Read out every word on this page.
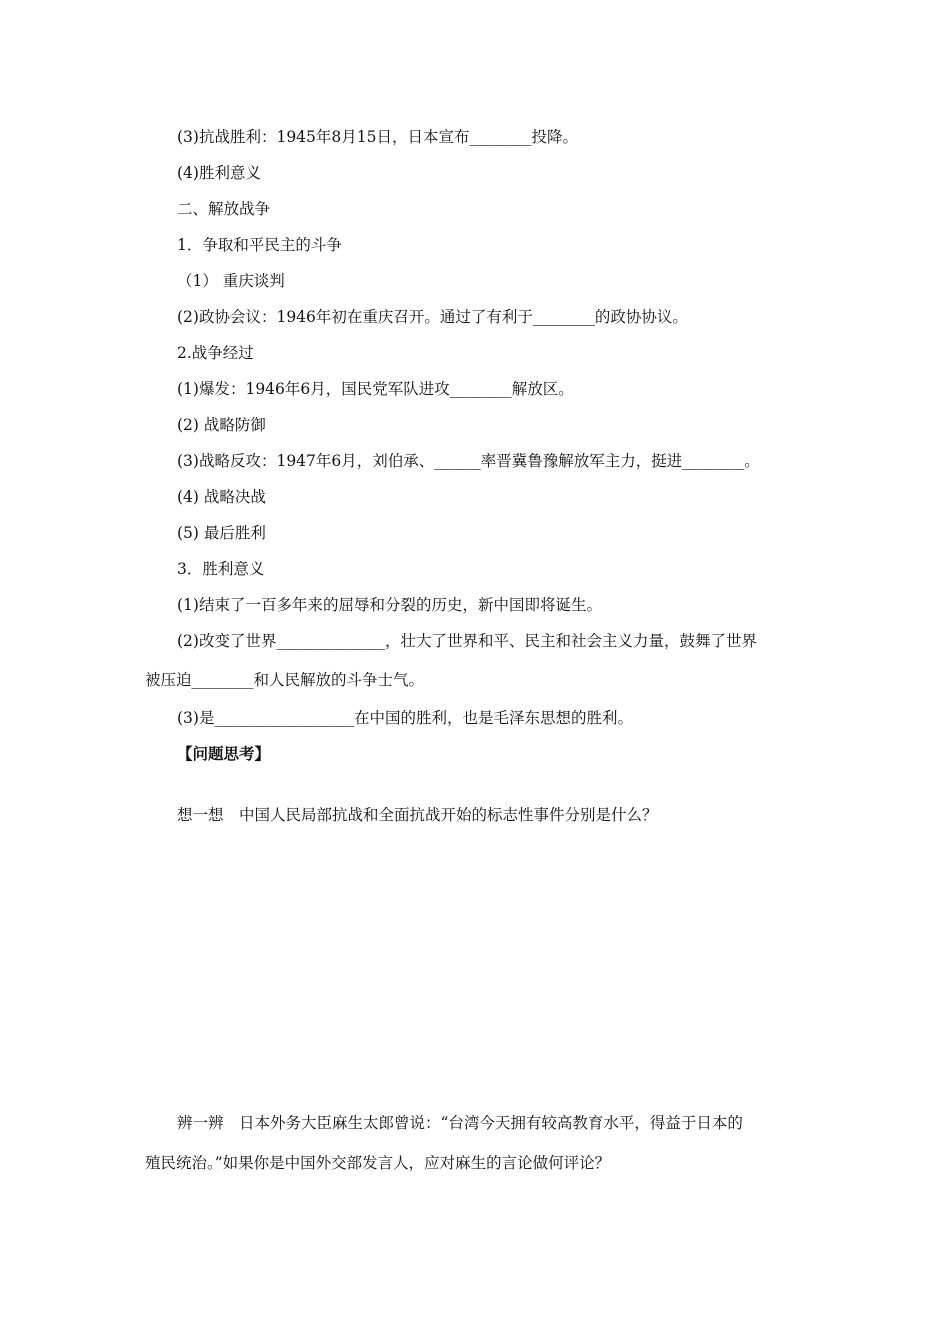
(3)抗战胜利：1945年8月15日，日本宣布________投降。
(4)胜利意义
二、解放战争
1．争取和平民主的斗争
（1） 重庆谈判
(2)政协会议：1946年初在重庆召开。通过了有利于________的政协协议。
2.战争经过
(1)爆发：1946年6月，国民党军队进攻________解放区。
(2) 战略防御
(3)战略反攻：1947年6月，刘伯承、______率晋冀鲁豫解放军主力，挺进________。
(4) 战略决战
(5) 最后胜利
3．胜利意义
(1)结束了一百多年来的屈辱和分裂的历史，新中国即将诞生。
(2)改变了世界______________，壮大了世界和平、民主和社会主义力量，鼓舞了世界
被压迫________和人民解放的斗争士气。
(3)是__________________在中国的胜利，也是毛泽东思想的胜利。
【问题思考】
想一想　中国人民局部抗战和全面抗战开始的标志性事件分别是什么？
辨一辨　日本外务大臣麻生太郎曾说：“台湾今天拥有较高教育水平，得益于日本的
殖民统治。”如果你是中国外交部发言人，应对麻生的言论做何评论？
